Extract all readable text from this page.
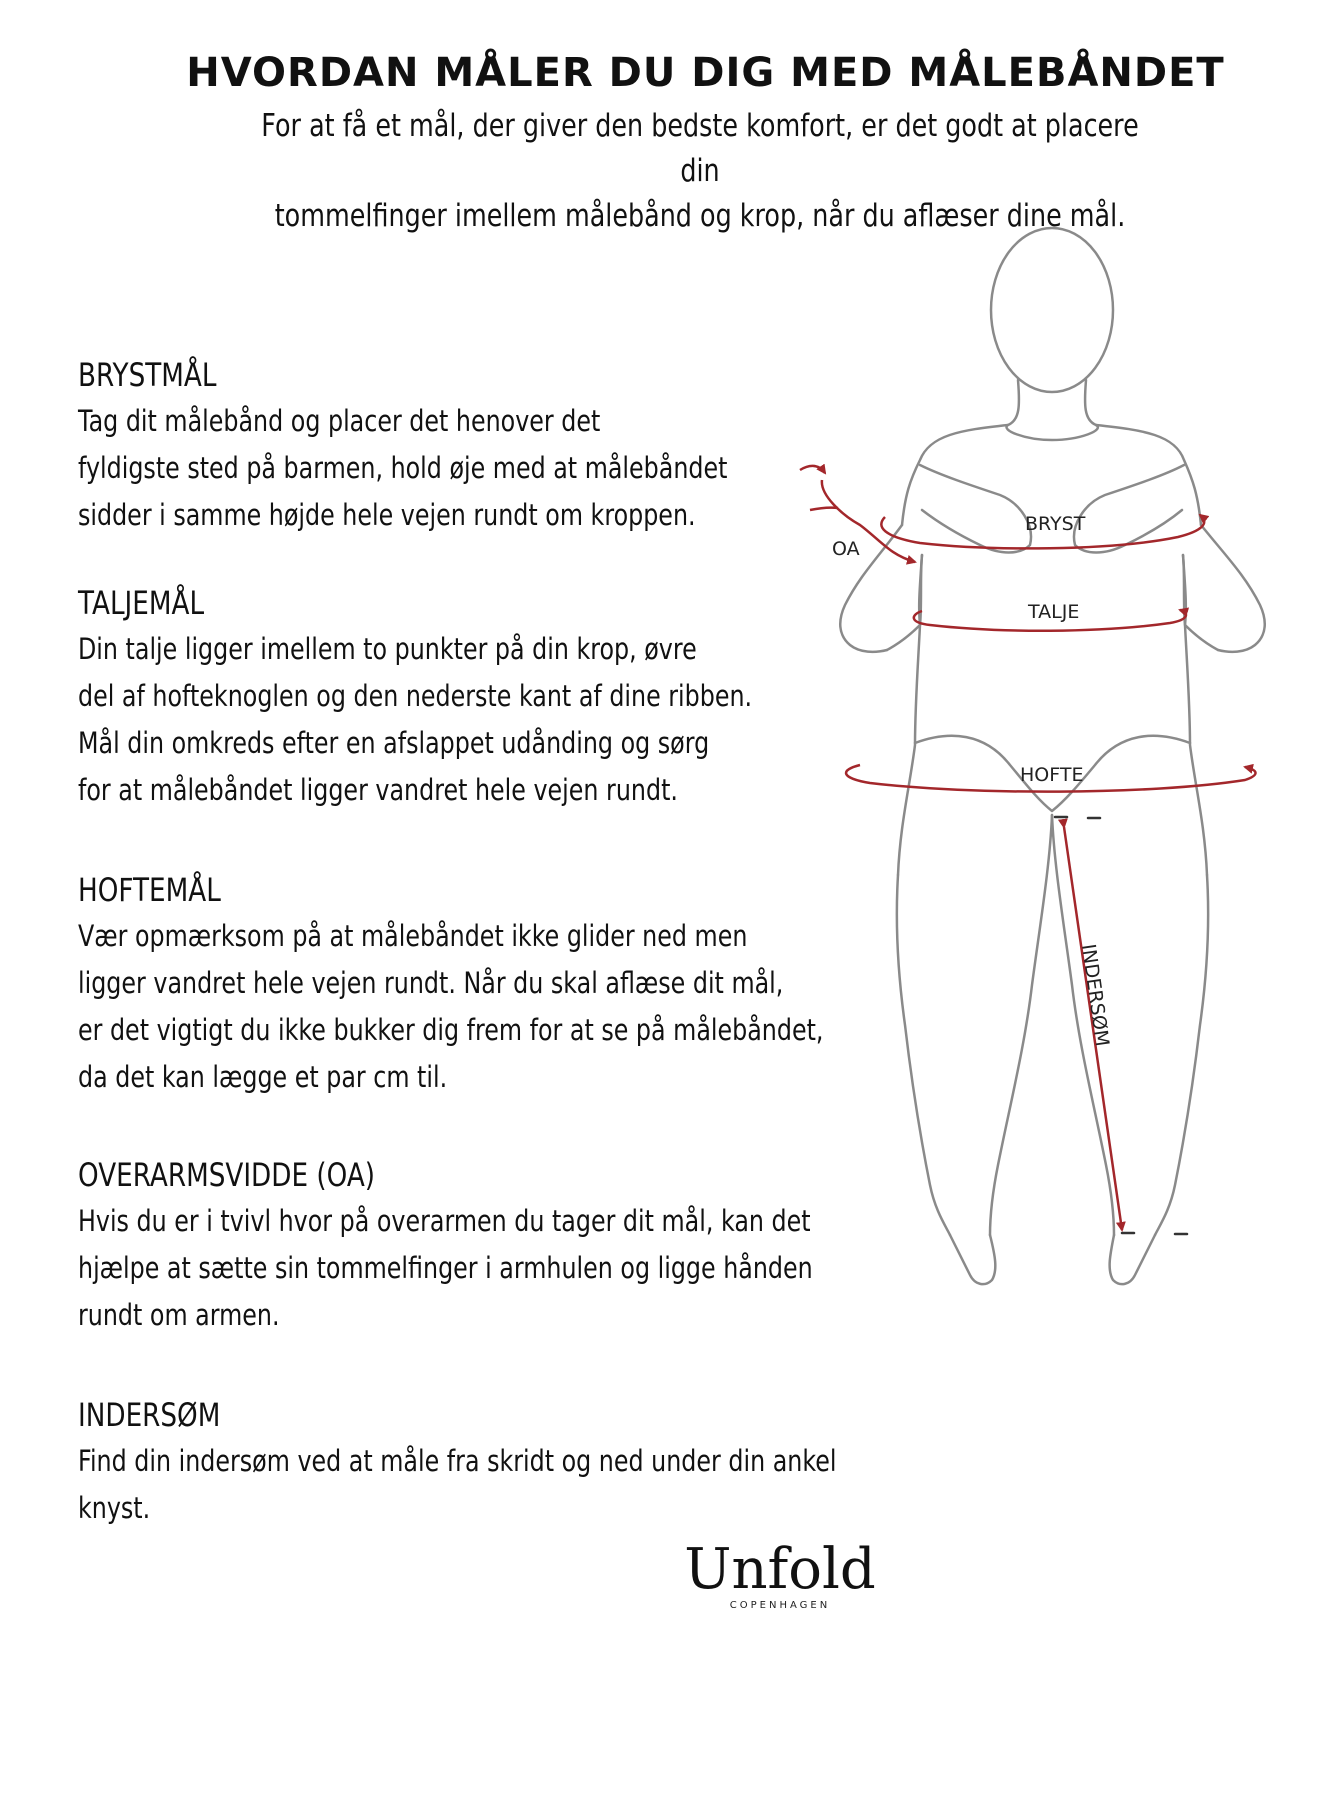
HVORDAN MÅLER DU DIG MED MÅLEBÅNDET
For at få et mål, der giver den bedste komfort, er det godt at placere din
tommelfinger imellem målebånd og krop, når du aflæser dine mål.
BRYSTMÅL

Tag dit målebånd og placer det henover det
fyldigste sted på barmen, hold øje med at målebåndet
sidder i samme højde hele vejen rundt om kroppen.

TALJEMÅL

Din talje ligger imellem to punkter på din krop, øvre
del af hofteknoglen og den nederste kant af dine ribben.
Mål din omkreds efter en afslappet udånding og sørg
for at målebåndet ligger vandret hele vejen rundt.

HOFTEMÅL

Vær opmærksom på at målebåndet ikke glider ned men
ligger vandret hele vejen rundt. Når du skal aflæse dit mål,
er det vigtigt du ikke bukker dig frem for at se på målebåndet,
da det kan lægge et par cm til.

OVERARMSVIDDE (OA)

Hvis du er i tvivl hvor på overarmen du tager dit mål, kan det
hjælpe at sætte sin tommelfinger i armhulen og ligge hånden
rundt om armen.

INDERSØM

Find din indersøm ved at måle fra skridt og ned under din ankel
knyst.

OA
BRYST
TALJE
HOFTE
INDERSØM
Unfold
COPENHAGEN
